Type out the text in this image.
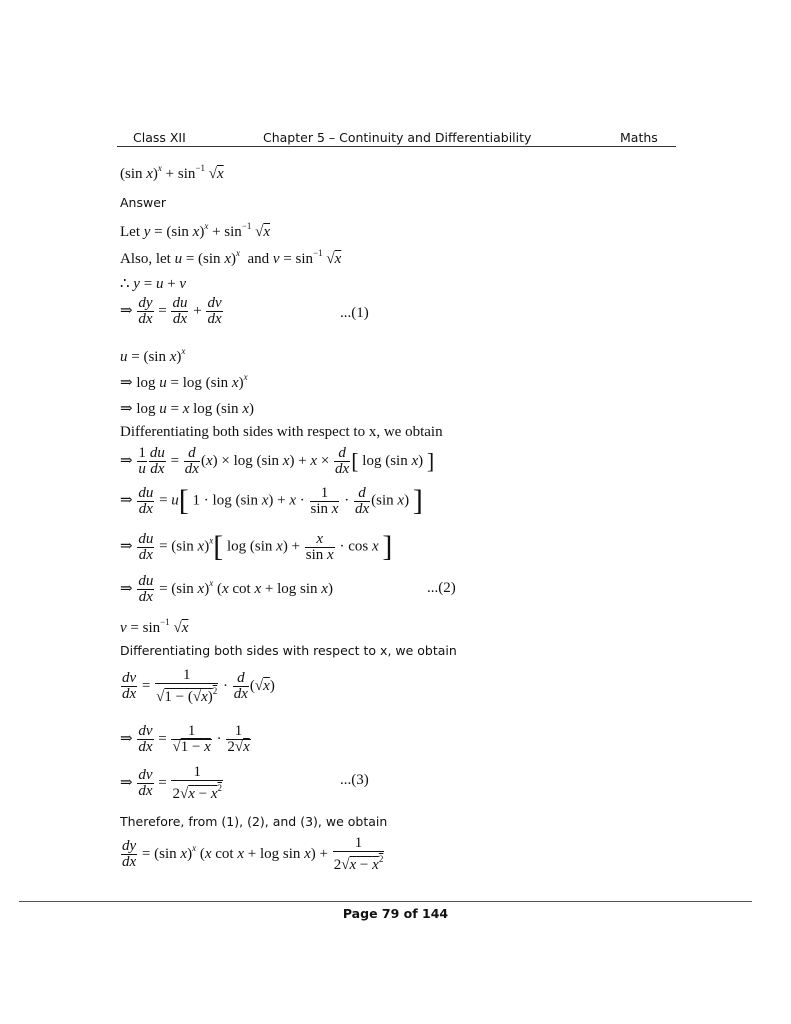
Class XII	Chapter 5 – Continuity and Differentiability	Maths
(sin $x)^x + \sin^{-1} √x$
Answer
Let y = (sin $x)^x + \sin^{-1} √x$
Also, let u = (sin x)$^x$  and $v = \sin^{-1} √x$
∴ y = u + v
⇒ $\frac{dy}{dx} = \frac{du}{dx} + \frac{dv}{dx}$	...(1)
u = (sin x)$^x$
⇒ log u = log (sin x)$^x$
⇒ log u = x log (sin x)
Differentiating both sides with respect to x, we obtain
⇒ $\frac{1}{u} \frac{du}{dx} = \frac{d}{dx} (x) \times \log (\sin$ $x) + x \times \frac{d}{dx}$ [ log (sin x) ]
⇒ $\frac{du}{dx} = u$[ 1 · log (sin $x) + x \cdot \frac{1}{\text{sin x}} \cdot \frac{d}{dx} (\sin$ x) ]
⇒ $\frac{du}{dx} = (\sin$ x)$^x$[ log (sin $x) + \frac{x}{\text{sin x}} \cdot \cos x$ ]
⇒ $\frac{du}{dx} = (\sin$ x)$^x$ (x cot x + log sin x)	...(2)
$v = \sin^{-1} √x$
Differentiating both sides with respect to x, we obtain
$\frac{dv}{dx} = \frac{1}{√1 - (√x)^2} \cdot \frac{d}{dx} (√x)$
⇒ $\frac{dv}{dx} = \frac{1}{√1 - x} \cdot \frac{1}{2√x}$
⇒ $\frac{dv}{dx} = \frac{1}{2√x - x^2}$	...(3)
Therefore, from (1), (2), and (3), we obtain
$\frac{dy}{dx} = (\sin$ x)$^x$ (x $\cot x + \log \sin x) + \frac{1}{2√x - x^2}$
Page 79 of 144
